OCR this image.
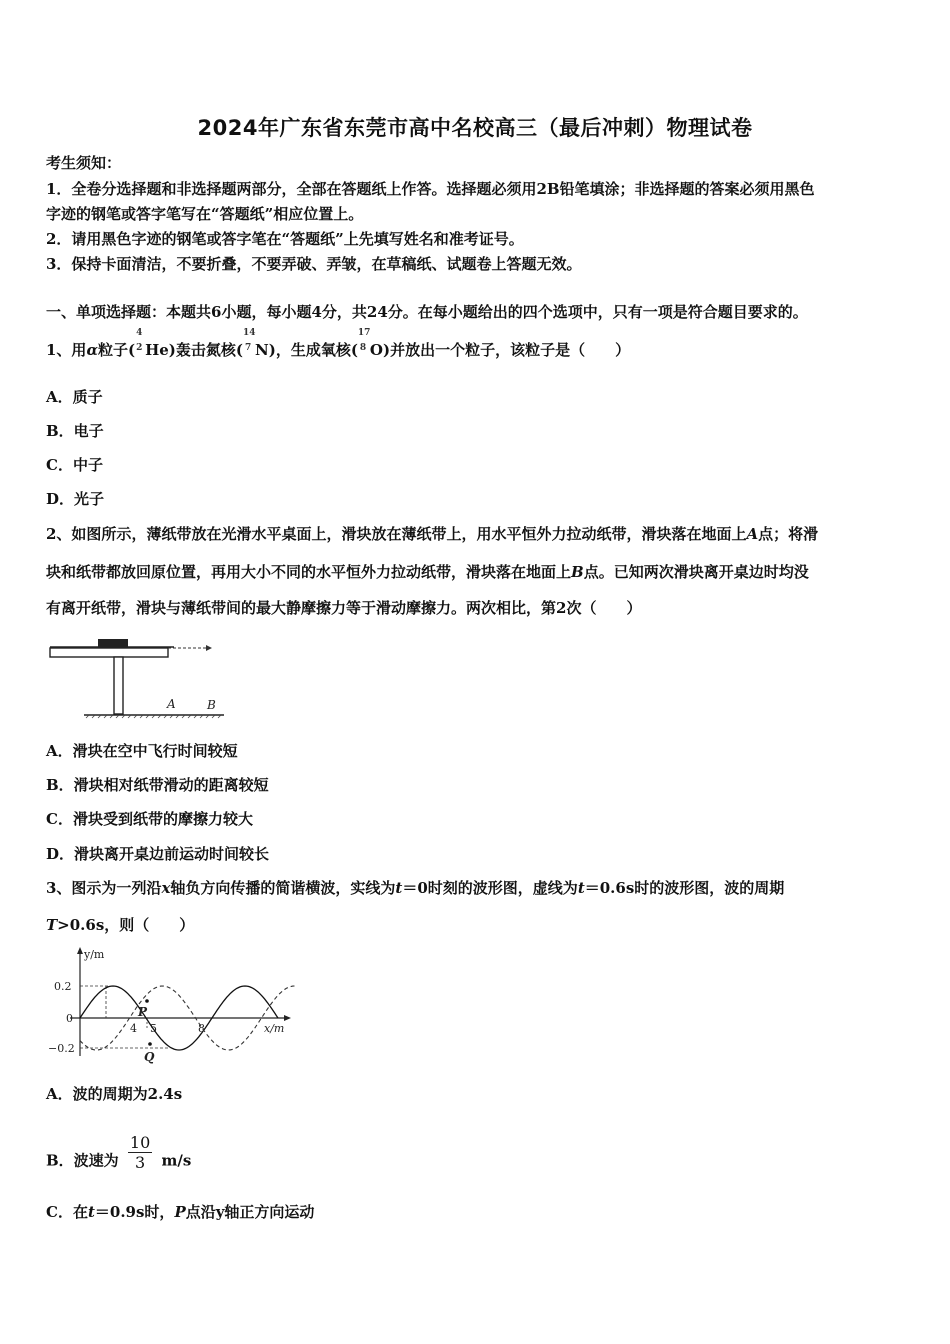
2024年广东省东莞市高中名校高三（最后冲刺）物理试卷
考生须知：
1．全卷分选择题和非选择题两部分，全部在答题纸上作答。选择题必须用2B铅笔填涂；非选择题的答案必须用黑色
字迹的钢笔或答字笔写在“答题纸”相应位置上。
2．请用黑色字迹的钢笔或答字笔在“答题纸”上先填写姓名和准考证号。
3．保持卡面清洁，不要折叠，不要弄破、弄皱，在草稿纸、试题卷上答题无效。
一、单项选择题：本题共6小题，每小题4分，共24分。在每小题给出的四个选项中，只有一项是符合题目要求的。
1、用α粒子(
4
2 He)轰击氮核(
14
7 N)，生成氧核(
17
8 O)并放出一个粒子，该粒子是（　　）
A．质子
B．电子
C．中子
D．光子
2、如图所示，薄纸带放在光滑水平桌面上，滑块放在薄纸带上，用水平恒外力拉动纸带，滑块落在地面上A点；将滑
块和纸带都放回原位置，再用大小不同的水平恒外力拉动纸带，滑块落在地面上B点。已知两次滑块离开桌边时均没
有离开纸带，滑块与薄纸带间的最大静摩擦力等于滑动摩擦力。两次相比，第2次（　　）
A	B
A．滑块在空中飞行时间较短
B．滑块相对纸带滑动的距离较短
C．滑块受到纸带的摩擦力较大
D．滑块离开桌边前运动时间较长
3、图示为一列沿x轴负方向传播的简谐横波，实线为t＝0时刻的波形图，虚线为t＝0.6s时的波形图，波的周期
T>0.6s，则（　　）
y/m
x/m
0.2
0
−0.2
4 5	8
P
Q
A．波的周期为2.4s
B．波速为 $\frac{10}{3} m/s$
C．在t＝0.9s时，P点沿y轴正方向运动
